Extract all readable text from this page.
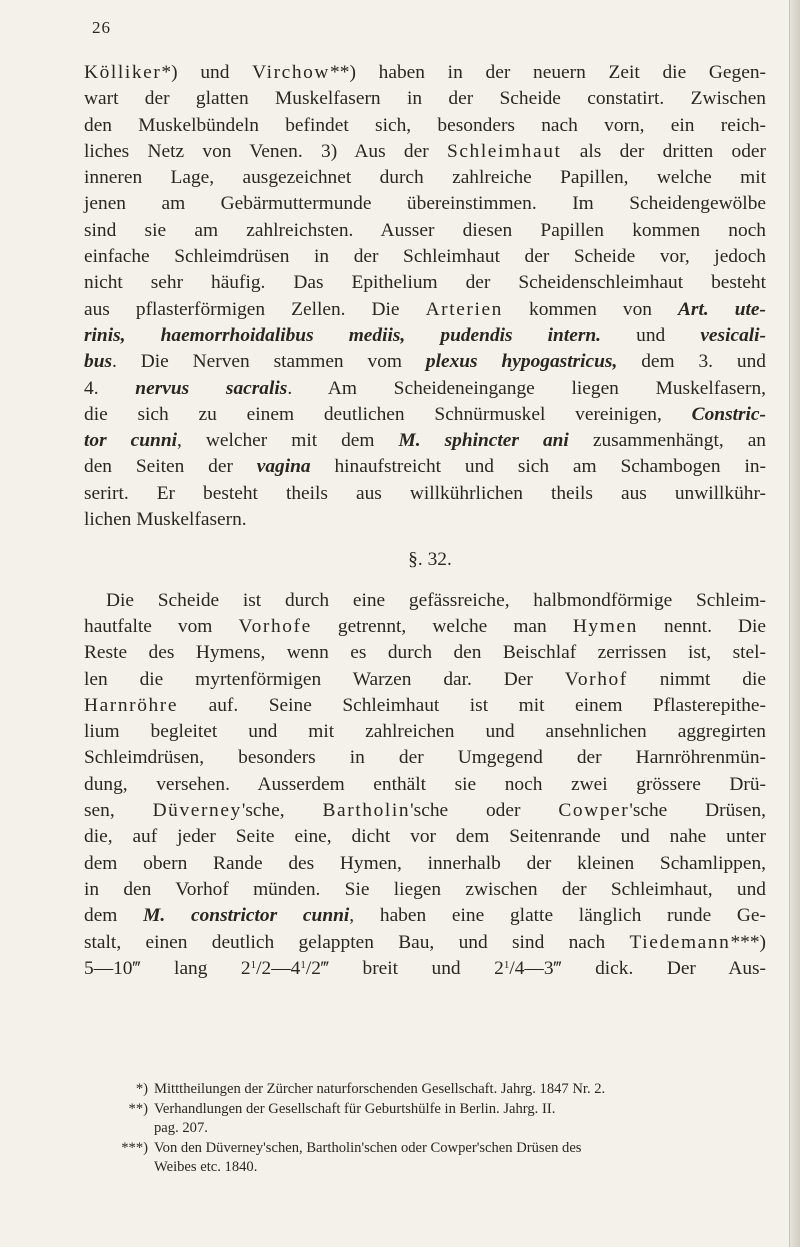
26
Kölliker*) und Virchow**) haben in der neuern Zeit die Gegen-
wart der glatten Muskelfasern in der Scheide constatirt. Zwischen
den Muskelbündeln befindet sich, besonders nach vorn, ein reich-
liches Netz von Venen. 3) Aus der Schleimhaut als der dritten oder
inneren Lage, ausgezeichnet durch zahlreiche Papillen, welche mit
jenen am Gebärmuttermunde übereinstimmen. Im Scheidengewölbe
sind sie am zahlreichsten. Ausser diesen Papillen kommen noch
einfache Schleimdrüsen in der Schleimhaut der Scheide vor, jedoch
nicht sehr häufig. Das Epithelium der Scheidenschleimhaut besteht
aus pflasterförmigen Zellen. Die Arterien kommen von Art. ute-
rinis, haemorrhoidalibus mediis, pudendis intern. und vesicali-
bus. Die Nerven stammen vom plexus hypogastricus, dem 3. und
4. nervus sacralis. Am Scheideneingange liegen Muskelfasern,
die sich zu einem deutlichen Schnürmuskel vereinigen, Constric-
tor cunni, welcher mit dem M. sphincter ani zusammenhängt, an
den Seiten der vagina hinaufstreicht und sich am Schambogen in-
serirt. Er besteht theils aus willkührlichen theils aus unwillkühr-
lichen Muskelfasern.
§. 32.
Die Scheide ist durch eine gefässreiche, halbmondförmige Schleim-
hautfalte vom Vorhofe getrennt, welche man Hymen nennt. Die
Reste des Hymens, wenn es durch den Beischlaf zerrissen ist, stel-
len die myrtenförmigen Warzen dar. Der Vorhof nimmt die
Harnröhre auf. Seine Schleimhaut ist mit einem Pflasterepithe-
lium begleitet und mit zahlreichen und ansehnlichen aggregirten
Schleimdrüsen, besonders in der Umgegend der Harnröhrenmün-
dung, versehen. Ausserdem enthält sie noch zwei grössere Drü-
sen, Düverney'sche, Bartholin'sche oder Cowper'sche Drüsen,
die, auf jeder Seite eine, dicht vor dem Seitenrande und nahe unter
dem obern Rande des Hymen, innerhalb der kleinen Schamlippen,
in den Vorhof münden. Sie liegen zwischen der Schleimhaut, und
dem M. constrictor cunni, haben eine glatte länglich runde Ge-
stalt, einen deutlich gelappten Bau, und sind nach Tiedemann***)
5—10‴ lang $2^1/2—4^1/2‴$ breit und $2^1/4—3‴$ dick. Der Aus-
*) Mitttheilungen der Zürcher naturforschenden Gesellschaft. Jahrg. 1847 Nr. 2.
**) Verhandlungen der Gesellschaft für Geburtshülfe in Berlin. Jahrg. II.
pag. 207.
***) Von den Düverney'schen, Bartholin'schen oder Cowper'schen Drüsen des
Weibes etc. 1840.
